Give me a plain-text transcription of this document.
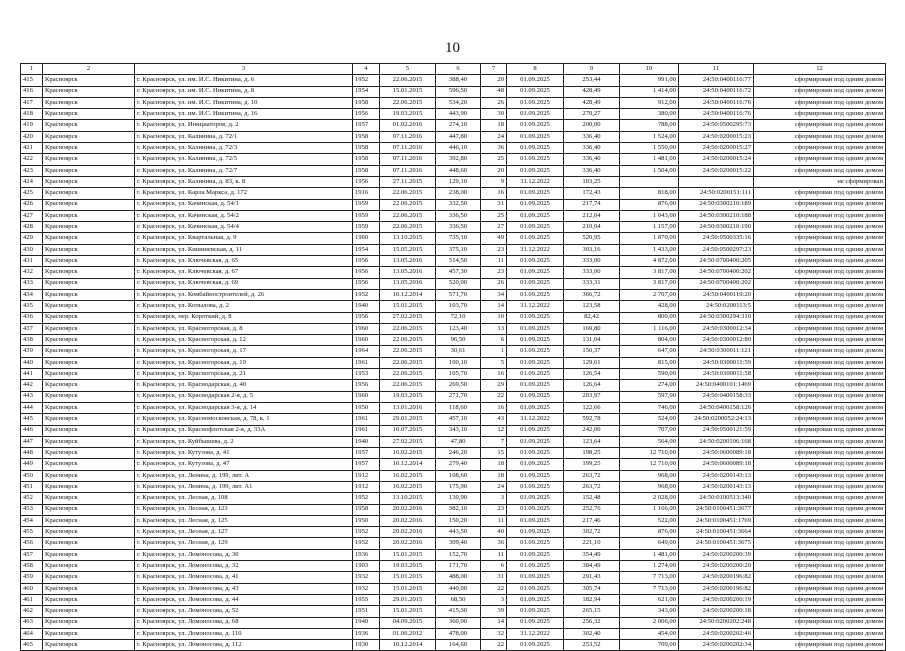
10
1	2	3	4	5	6	7	8	9	10	11	12
415	Красноярск	г. Красноярск, ул. им. И.С. Никитина, д. 6	1952	22.06.2015	388,40	20	01.09.2025	253,44	991,00	24:50:0400116:77	сформирован под одним домом
416	Красноярск	г. Красноярск, ул. им. И.С. Никитина, д. 8	1954	15.01.2015	596,50	48	01.09.2025	428,49	1 414,00	24:50:0400116:72	сформирован под одним домом
417	Красноярск	г. Красноярск, ул. им. И.С. Никитина, д. 10	1958	22.06.2015	534,20	26	01.09.2025	428,49	912,00	24:50:0400116:76	сформирован под одним домом
418	Красноярск	г. Красноярск, ул. им. И.С. Никитина, д. 16	1956	19.03.2015	443,90	30	01.09.2025	270,27	380,00	24:50:0400116:76	сформирован под одним домом
419	Красноярск	г. Красноярск, ул. Инициаторов, д. 2	1957	01.02.2016	274,10	18	01.09.2025	200,00	788,00	24:50:0500295:73	сформирован под одним домом
420	Красноярск	г. Красноярск, ул. Калинина, д. 72/1	1958	07.11.2016	447,80	24	01.09.2025	336,40	1 524,00	24:50:0200015:23	сформирован под одним домом
421	Красноярск	г. Красноярск, ул. Калинина, д. 72/3	1958	07.11.2016	446,10	36	01.09.2025	336,40	1 550,00	24:50:0200015:27	сформирован под одним домом
422	Красноярск	г. Красноярск, ул. Калинина, д. 72/5	1958	07.11.2016	392,80	25	01.09.2025	336,40	1 481,00	24:50:0200015:24	сформирован под одним домом
423	Красноярск	г. Красноярск, ул. Калинина, д. 72/7	1958	07.11.2016	448,60	20	01.09.2025	336,40	1 504,00	24:50:0200015:22	сформирован под одним домом
424	Красноярск	г. Красноярск, ул. Калинина, д. 83, к. 8	1956	27.11.2015	129,10	9	31.12.2022	103,25			не сформирован
425	Красноярск	г. Красноярск, ул. Карла Маркса, д. 172	1916	22.06.2015	238,00	16	01.09.2025	172,43	818,00	24:50:0200151:111	сформирован под одним домом
426	Красноярск	г. Красноярск, ул. Качинская, д. 54/1	1959	22.06.2015	332,50	31	01.09.2025	217,74	876,00	24:50:0300210:189	сформирован под одним домом
427	Красноярск	г. Красноярск, ул. Качинская, д. 54/2	1959	22.06.2015	336,50	25	01.09.2025	212,04	1 043,00	24:50:0300210:188	сформирован под одним домом
428	Красноярск	г. Красноярск, ул. Качинская, д. 54/4	1959	22.06.2015	336,50	27	01.09.2025	210,04	1 157,00	24:50:0300210:190	сформирован под одним домом
429	Красноярск	г. Красноярск, ул. Квартальная, д. 9	1960	13.10.2015	735,10	49	01.09.2025	520,95	1 870,00	24:50:0500335:16	сформирован под одним домом
430	Красноярск	г. Красноярск, ул. Кишиневская, д. 11	1954	15.05.2015	375,10	23	31.12.2022	303,16	1 433,00	24:50:0500297:23	сформирован под одним домом
431	Красноярск	г. Красноярск, ул. Ключевская, д. 65	1956	13.05.2016	514,50	11	01.09.2025	333,00	4 872,00	24:50:0700400:205	сформирован под одним домом
432	Красноярск	г. Красноярск, ул. Ключевская, д. 67	1956	13.05.2016	457,30	23	01.09.2025	333,00	3 817,00	24:50:0700400:202	сформирован под одним домом
433	Красноярск	г. Красноярск, ул. Ключевская, д. 69	1956	13.05.2016	520,00	26	01.09.2025	333,31	3 817,00	24:50:0700400:202	сформирован под одним домом
434	Красноярск	г. Красноярск, ул. Комбайностроителей, д. 26	1952	10.12.2014	571,70	34	01.09.2025	366,72	2 707,00	24:50:0400119:20	сформирован под одним домом
435	Красноярск	г. Красноярск, ул. Копылова, д. 2	1940	15.01.2015	103,70	14	31.12.2022	123,58	428,00	24:50:0200113:5	сформирован под одним домом
436	Красноярск	г. Красноярск, пер. Короткий, д. 8	1956	27.02.2015	72,10	10	01.09.2025	82,42	800,00	24:50:0300294:310	сформирован под одним домом
437	Красноярск	г. Красноярск, ул. Красногорская, д. 8	1960	22.06.2015	123,40	13	01.09.2025	169,80	1 116,00	24:50:0300012:34	сформирован под одним домом
438	Красноярск	г. Красноярск, ул. Красногорская, д. 12	1960	22.06.2015	96,50	6	01.09.2025	131,04	804,00	24:50:0300012:80	сформирован под одним домом
439	Красноярск	г. Красноярск, ул. Красногорская, д. 17	1964	22.06.2015	30,61	1	01.09.2025	150,37	647,00	24:50:0300011:121	сформирован под одним домом
440	Красноярск	г. Красноярск, ул. Красногорская, д. 19	1961	22.06.2015	100,10	5	01.09.2025	129,61	815,00	24:50:0300011:59	сформирован под одним домом
441	Красноярск	г. Красноярск, ул. Красногорская, д. 21	1953	22.06.2015	105,70	16	01.09.2025	126,54	590,00	24:50:0300011:58	сформирован под одним домом
442	Красноярск	г. Красноярск, ул. Краснодарская, д. 40	1956	22.06.2015	269,50	29	01.09.2025	126,64	274,00	24:50:0400101:1469	сформирован под одним домом
443	Красноярск	г. Красноярск, ул. Краснодарская 2-я, д. 5	1960	19.03.2015	271,70	22	01.09.2025	203,97	597,00	24:50:0400158:33	сформирован под одним домом
444	Красноярск	г. Красноярск, ул. Краснодарская 3-я, д. 14	1950	13.01.2016	118,60	16	01.09.2025	122,66	746,00	24:50:0400158:126	сформирован под одним домом
445	Красноярск	г. Красноярск, ул. Красномосковская, д. 78, к. 1	1961	29.01.2015	457,10	43	31.12.2022	592,78	524,00	24:50:0200052:24:13	сформирован под одним домом
446	Красноярск	г. Красноярск, ул. Краснофлотская 2-я, д. 33А	1961	10.07.2015	343,10	12	01.09.2025	242,00	707,00	24:50:0500121:59	сформирован под одним домом
447	Красноярск	г. Красноярск, ул. Куйбышева, д. 2	1940	27.02.2015	47,80	7	01.09.2025	123,64	564,00	24:50:0200106:168	сформирован под одним домом
448	Красноярск	г. Красноярск, ул. Кутузова, д. 41	1957	16.02.2015	246,20	15	01.09.2025	198,25	12 710,00	24:50:0600089:18	сформирован под одним домом
449	Красноярск	г. Красноярск, ул. Кутузова, д. 47	1957	10.12.2014	279,40	18	01.09.2025	199,25	12 710,00	24:50:0600089:18	сформирован под одним домом
450	Красноярск	г. Красноярск, ул. Ленина, д. 199, лит. А	1912	16.02.2015	108,60	18	01.09.2025	263,72	968,00	24:50:0200143:13	сформирован под одним домом
451	Красноярск	г. Красноярск, ул. Ленина, д. 199, лит. А1	1912	16.02.2015	175,90	24	01.09.2025	263,72	968,00	24:50:0200143:13	сформирован под одним домом
452	Красноярск	г. Красноярск, ул. Лесная, д. 108	1952	13.10.2015	130,90	3	01.09.2025	152,48	2 028,00	24:50:0100513:340	сформирован под одним домом
453	Красноярск	г. Красноярск, ул. Лесная, д. 123	1958	20.02.2016	382,10	23	01.09.2025	252,76	1 166,00	24:50:0100451:3677	сформирован под одним домом
454	Красноярск	г. Красноярск, ул. Лесная, д. 125	1950	20.02.2016	150,20	11	01.09.2025	217,46	522,00	24:50:0100451:1769	сформирован под одним домом
455	Красноярск	г. Красноярск, ул. Лесная, д. 127	1952	20.02.2016	443,50	40	01.09.2025	302,72	876,00	24:50:0100451:3664	сформирован под одним домом
456	Красноярск	г. Красноярск, ул. Лесная, д. 129	1952	20.02.2016	309,40	36	01.09.2025	221,10	649,00	24:50:0100451:3675	сформирован под одним домом
457	Красноярск	г. Красноярск, ул. Ломоносова, д. 30	1936	15.01.2015	152,70	11	01.09.2025	354,49	1 481,00	24:50:0200200:39	сформирован под одним домом
458	Красноярск	г. Красноярск, ул. Ломоносова, д. 32	1903	19.03.2015	171,70	6	01.09.2025	384,49	1 274,00	24:50:0200200:20	сформирован под одним домом
459	Красноярск	г. Красноярск, ул. Ломоносова, д. 41	1932	15.01.2015	488,00	31	01.09.2025	291,43	7 713,00	24:50:0200196:82	сформирован под одним домом
460	Красноярск	г. Красноярск, ул. Ломоносова, д. 43	1932	15.01.2015	440,00	22	01.09.2025	305,74	7 713,00	24:50:0200196:82	сформирован под одним домом
461	Красноярск	г. Красноярск, ул. Ломоносова, д. 44	1955	29.01.2015	68,50	3	01.09.2025	182,94	621,00	24:50:0200200:19	сформирован под одним домом
462	Красноярск	г. Красноярск, ул. Ломоносова, д. 52	1951	15.01.2015	415,30	39	01.09.2025	265,15	343,00	24:50:0200200:18	сформирован под одним домом
463	Красноярск	г. Красноярск, ул. Ломоносова, д. 68	1940	04.09.2015	360,00	14	01.09.2025	256,32	2 006,00	24:50:0200202:248	сформирован под одним домом
464	Красноярск	г. Красноярск, ул. Ломоносова, д. 110	1936	01.06.2012	478,00	32	31.12.2022	302,40	454,00	24:50:0200202:46	сформирован под одним домом
465	Красноярск	г. Красноярск, ул. Ломоносова, д. 112	1930	10.12.2014	164,60	22	01.09.2025	253,52	709,00	24:50:0200202:34	сформирован под одним домом
